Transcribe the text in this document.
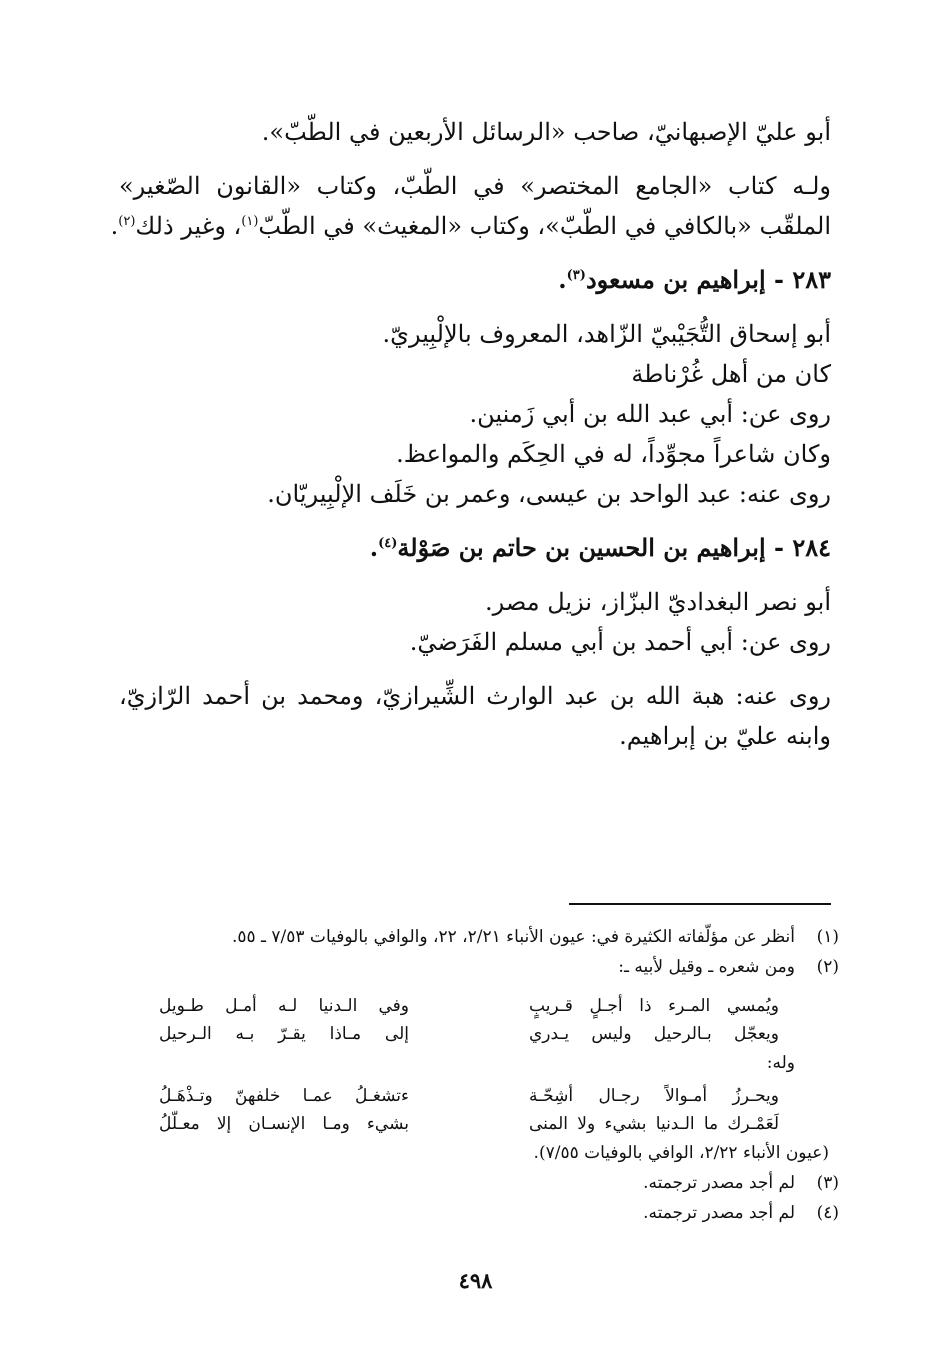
أبو عليّ الإصبهانيّ، صاحب «الرسائل الأربعين في الطّبّ».
ولـه كتاب «الجامع المختصر» في الطّبّ، وكتاب «القانون الصّغير»
الملقّب «بالكافي في الطّبّ»، وكتاب «المغيث» في الطّبّ$^{(١)}$، وغير ذلك$^{(٢)}$.
٢٨٣ - إبراهيم بن مسعود$^{(٣)}$.
أبو إسحاق التُّجَيْبيّ الزّاهد، المعروف بالإلْبِيريّ.
كان من أهل غُرْناطة
روى عن: أبي عبد الله بن أبي زَمنين.
وكان شاعراً مجوِّداً، له في الحِكَم والمواعظ.
روى عنه: عبد الواحد بن عيسى، وعمر بن خَلَف الإلْبِيريّان.
٢٨٤ - إبراهيم بن الحسين بن حاتم بن صَوْلة$^{(٤)}$.
أبو نصر البغداديّ البزّاز، نزيل مصر.
روى عن: أبي أحمد بن أبي مسلم الفَرَضيّ.
روى عنه: هبة الله بن عبد الوارث الشِّيرازيّ، ومحمد بن أحمد الرّازيّ،
وابنه عليّ بن إبراهيم.
(١)
أنظر عن مؤلّفاته الكثيرة في: عيون الأنباء ٢/٢١، ٢٢، والوافي بالوفيات ٧/٥٣ ـ ٥٥.
(٢)
ومن شعره ـ وقيل لأبيه ـ:
ويُمسي المـرء ذا أجـلٍ قـريبٍ
وفي الـدنيا لـه أمـل طـويل
ويعجّل بـالرحيل وليس يـدري
إلى مـاذا يقـرّ بـه الـرحيل
وله:
ويحـرزُ أمـوالاً رجـال أشِحّـة
ءتشغـلُ عمـا خلفهنّ وتـذْهَـلُ
لَعَمْـرك ما الـدنيا بشيء ولا المنى
بشيء ومـا الإنسـان إلا معـلّلُ
(عيون الأنباء ٢/٢٢، الوافي بالوفيات ٧/٥٥).
(٣)
لم أجد مصدر ترجمته.
(٤)
لم أجد مصدر ترجمته.
٤٩٨
